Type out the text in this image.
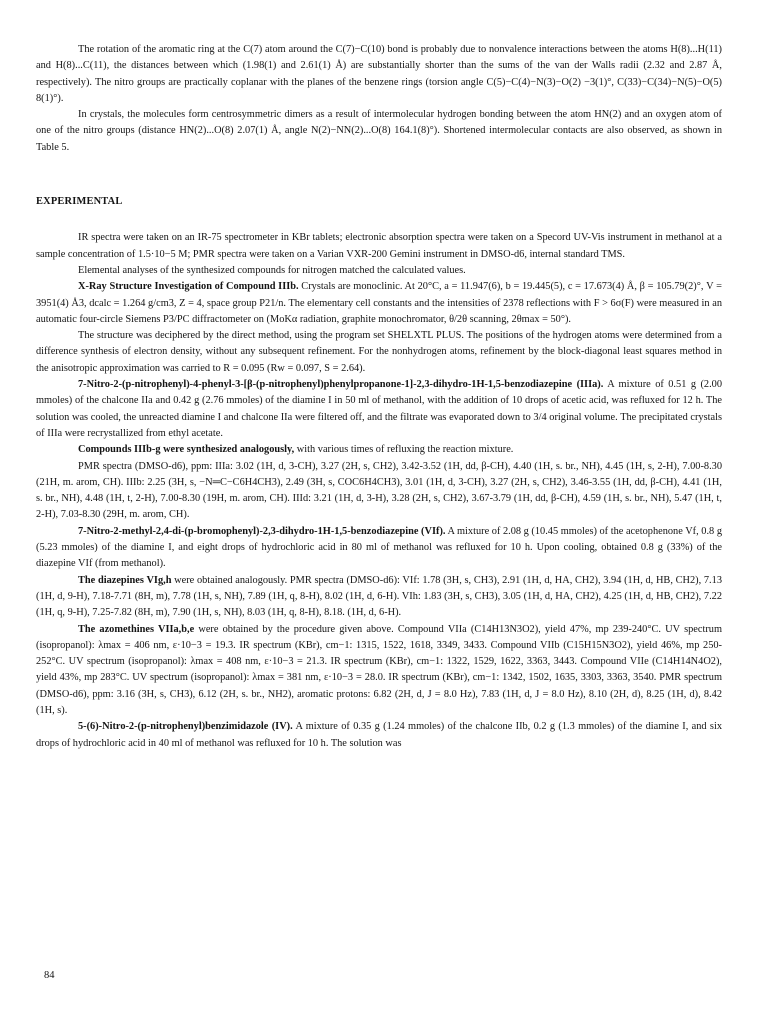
The rotation of the aromatic ring at the C(7) atom around the C(7)−C(10) bond is probably due to nonvalence interactions between the atoms H(8)...H(11) and H(8)...C(11), the distances between which (1.98(1) and 2.61(1) Å) are substantially shorter than the sums of the van der Walls radii (2.32 and 2.87 Å, respectively). The nitro groups are practically coplanar with the planes of the benzene rings (torsion angle C(5)−C(4)−N(3)−O(2) −3(1)°, C(33)−C(34)−N(5)−O(5) 8(1)°).

In crystals, the molecules form centrosymmetric dimers as a result of intermolecular hydrogen bonding between the atom HN(2) and an oxygen atom of one of the nitro groups (distance HN(2)...O(8) 2.07(1) Å, angle N(2)−NN(2)...O(8) 164.1(8)°). Shortened intermolecular contacts are also observed, as shown in Table 5.

EXPERIMENTAL

IR spectra were taken on an IR-75 spectrometer in KBr tablets; electronic absorption spectra were taken on a Specord UV-Vis instrument in methanol at a sample concentration of 1.5·10−5 M; PMR spectra were taken on a Varian VXR-200 Gemini instrument in DMSO-d6, internal standard TMS.

Elemental analyses of the synthesized compounds for nitrogen matched the calculated values.

X-Ray Structure Investigation of Compound IIIb. Crystals are monoclinic. At 20°C, a = 11.947(6), b = 19.445(5), c = 17.673(4) Å, β = 105.79(2)°, V = 3951(4) Å3, dcalc = 1.264 g/cm3, Z = 4, space group P21/n. The elementary cell constants and the intensities of 2378 reflections with F > 6σ(F) were measured in an automatic four-circle Siemens P3/PC diffractometer on (MoKα radiation, graphite monochromator, θ/2θ scanning, 2θmax = 50°).

The structure was deciphered by the direct method, using the program set SHELXTL PLUS. The positions of the hydrogen atoms were determined from a difference synthesis of electron density, without any subsequent refinement. For the nonhydrogen atoms, refinement by the block-diagonal least squares method in the anisotropic approximation was carried to R = 0.095 (Rw = 0.097, S = 2.64).

7-Nitro-2-(p-nitrophenyl)-4-phenyl-3-[β-(p-nitrophenyl)phenylpropanone-1]-2,3-dihydro-1H-1,5-benzodiazepine (IIIa). A mixture of 0.51 g (2.00 mmoles) of the chalcone IIa and 0.42 g (2.76 mmoles) of the diamine I in 50 ml of methanol, with the addition of 10 drops of acetic acid, was refluxed for 12 h. The solution was cooled, the unreacted diamine I and chalcone IIa were filtered off, and the filtrate was evaporated down to 3/4 original volume. The precipitated crystals of IIIa were recrystallized from ethyl acetate.

Compounds IIIb-g were synthesized analogously, with various times of refluxing the reaction mixture.

PMR spectra (DMSO-d6), ppm: IIIa: 3.02 (1H, d, 3-CH), 3.27 (2H, s, CH2), 3.42-3.52 (1H, dd, β-CH), 4.40 (1H, s. br., NH), 4.45 (1H, s, 2-H), 7.00-8.30 (21H, m. arom, CH). IIIb: 2.25 (3H, s, −N═C−C6H4CH3), 2.49 (3H, s, COC6H4CH3), 3.01 (1H, d, 3-CH), 3.27 (2H, s, CH2), 3.46-3.55 (1H, dd, β-CH), 4.41 (1H, s. br., NH), 4.48 (1H, t, 2-H), 7.00-8.30 (19H, m. arom, CH). IIId: 3.21 (1H, d, 3-H), 3.28 (2H, s, CH2), 3.67-3.79 (1H, dd, β-CH), 4.59 (1H, s. br., NH), 5.47 (1H, t, 2-H), 7.03-8.30 (29H, m. arom, CH).

7-Nitro-2-methyl-2,4-di-(p-bromophenyl)-2,3-dihydro-1H-1,5-benzodiazepine (VIf). A mixture of 2.08 g (10.45 mmoles) of the acetophenone Vf, 0.8 g (5.23 mmoles) of the diamine I, and eight drops of hydrochloric acid in 80 ml of methanol was refluxed for 10 h. Upon cooling, obtained 0.8 g (33%) of the diazepine VIf (from methanol).

The diazepines VIg,h were obtained analogously. PMR spectra (DMSO-d6): VIf: 1.78 (3H, s, CH3), 2.91 (1H, d, HA, CH2), 3.94 (1H, d, HB, CH2), 7.13 (1H, d, 9-H), 7.18-7.71 (8H, m), 7.78 (1H, s, NH), 7.89 (1H, q, 8-H), 8.02 (1H, d, 6-H). VIh: 1.83 (3H, s, CH3), 3.05 (1H, d, HA, CH2), 4.25 (1H, d, HB, CH2), 7.22 (1H, q, 9-H), 7.25-7.82 (8H, m), 7.90 (1H, s, NH), 8.03 (1H, q, 8-H), 8.18. (1H, d, 6-H).

The azomethines VIIa,b,e were obtained by the procedure given above. Compound VIIa (C14H13N3O2), yield 47%, mp 239-240°C. UV spectrum (isopropanol): λmax = 406 nm, ε·10−3 = 19.3. IR spectrum (KBr), cm−1: 1315, 1522, 1618, 3349, 3433. Compound VIIb (C15H15N3O2), yield 46%, mp 250-252°C. UV spectrum (isopropanol): λmax = 408 nm, ε·10−3 = 21.3. IR spectrum (KBr), cm−1: 1322, 1529, 1622, 3363, 3443. Compound VIIe (C14H14N4O2), yield 43%, mp 283°C. UV spectrum (isopropanol): λmax = 381 nm, ε·10−3 = 28.0. IR spectrum (KBr), cm−1: 1342, 1502, 1635, 3303, 3363, 3540. PMR spectrum (DMSO-d6), ppm: 3.16 (3H, s, CH3), 6.12 (2H, s. br., NH2), aromatic protons: 6.82 (2H, d, J = 8.0 Hz), 7.83 (1H, d, J = 8.0 Hz), 8.10 (2H, d), 8.25 (1H, d), 8.42 (1H, s).

5-(6)-Nitro-2-(p-nitrophenyl)benzimidazole (IV). A mixture of 0.35 g (1.24 mmoles) of the chalcone IIb, 0.2 g (1.3 mmoles) of the diamine I, and six drops of hydrochloric acid in 40 ml of methanol was refluxed for 10 h. The solution was

84
